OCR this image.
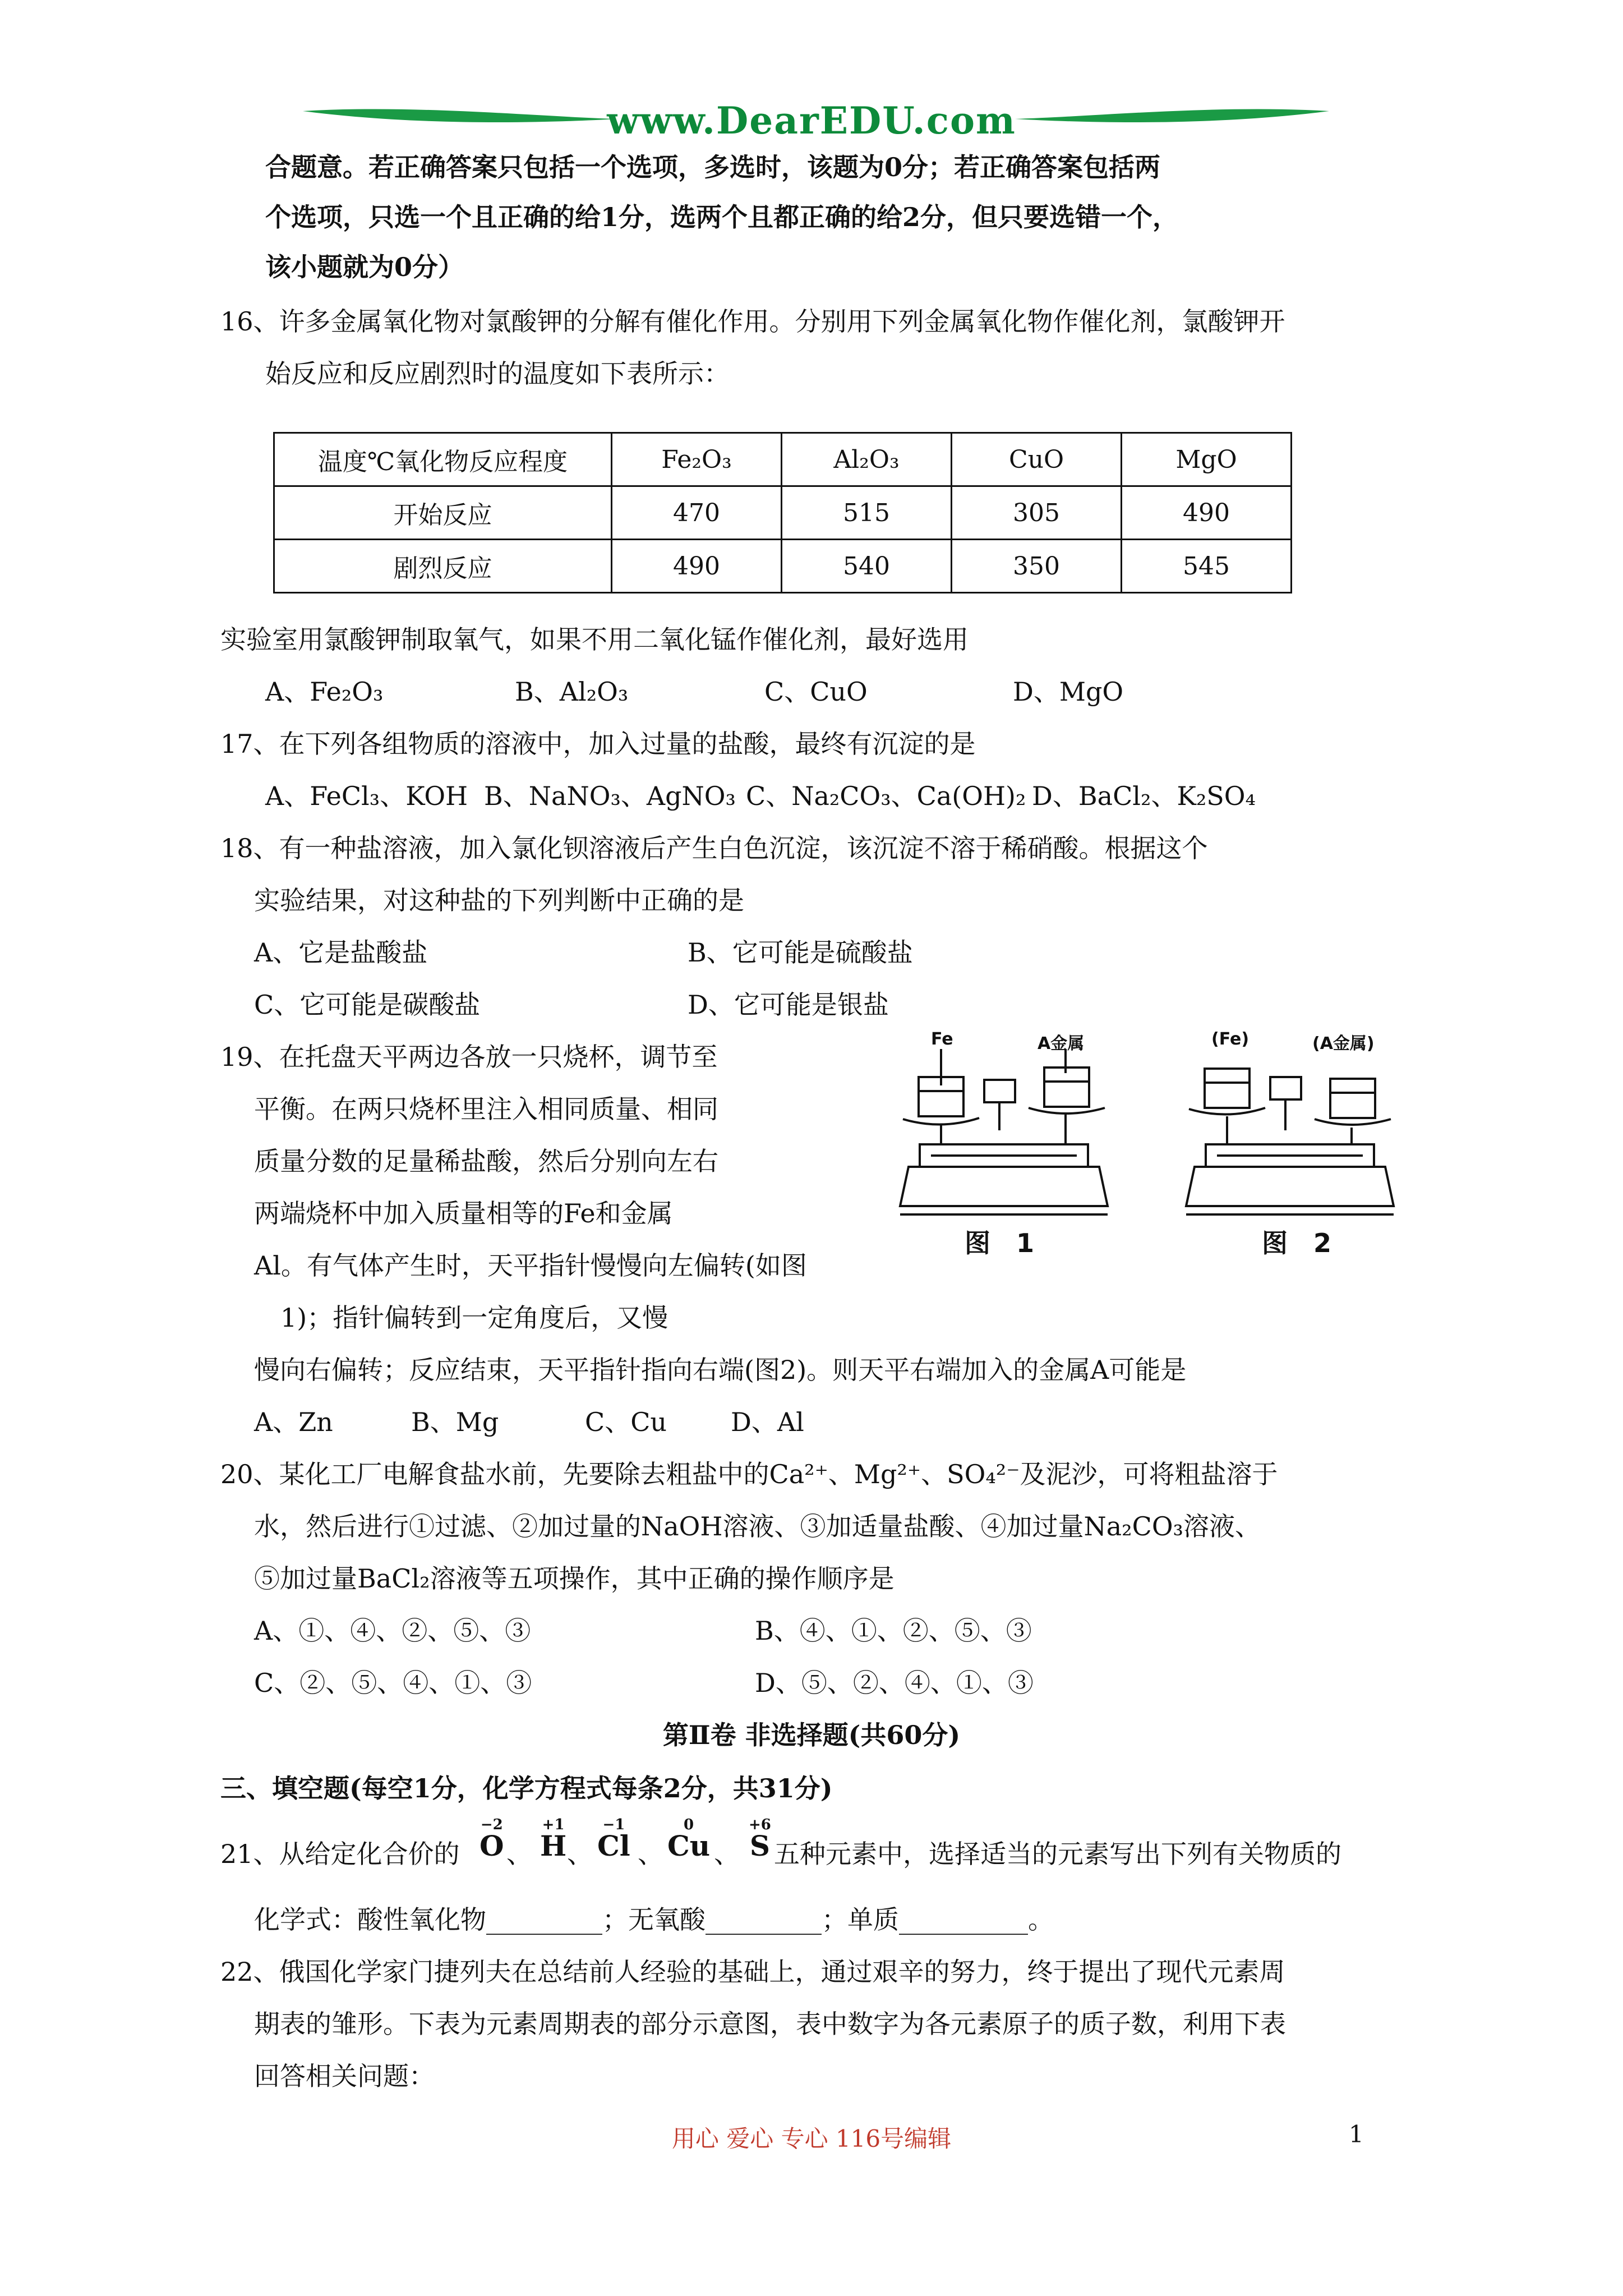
www.DearEDU.com
合题意。若正确答案只包括一个选项，多选时，该题为0分；若正确答案包括两
个选项，只选一个且正确的给1分，选两个且都正确的给2分，但只要选错一个，
该小题就为0分）
16、许多金属氧化物对氯酸钾的分解有催化作用。分别用下列金属氧化物作催化剂，氯酸钾开
始反应和反应剧烈时的温度如下表所示：
温度℃氧化物反应程度	Fe₂O₃	Al₂O₃	CuO	MgO
开始反应	470	515	305	490
剧烈反应	490	540	350	545
实验室用氯酸钾制取氧气，如果不用二氧化锰作催化剂，最好选用
A、Fe₂O₃	B、Al₂O₃	C、CuO	D、MgO
17、在下列各组物质的溶液中，加入过量的盐酸，最终有沉淀的是
A、FeCl₃、KOH B、NaNO₃、AgNO₃ C、Na₂CO₃、Ca(OH)₂ D、BaCl₂、K₂SO₄
18、有一种盐溶液，加入氯化钡溶液后产生白色沉淀，该沉淀不溶于稀硝酸。根据这个
实验结果，对这种盐的下列判断中正确的是
A、它是盐酸盐	B、它可能是硫酸盐
C、它可能是碳酸盐	D、它可能是银盐
19、在托盘天平两边各放一只烧杯，调节至
平衡。在两只烧杯里注入相同质量、相同
质量分数的足量稀盐酸，然后分别向左右
两端烧杯中加入质量相等的Fe和金属
Al。有气体产生时，天平指针慢慢向左偏转(如图
1)；指针偏转到一定角度后，又慢
慢向右偏转；反应结束，天平指针指向右端(图2)。则天平右端加入的金属A可能是
A、Zn	B、Mg	C、Cu D、Al
Fe	A金属
图　1
(Fe)	(A金属)
图　2
20、某化工厂电解食盐水前，先要除去粗盐中的Ca²⁺、Mg²⁺、SO₄²⁻及泥沙，可将粗盐溶于
水，然后进行①过滤、②加过量的NaOH溶液、③加适量盐酸、④加过量Na₂CO₃溶液、
⑤加过量BaCl₂溶液等五项操作，其中正确的操作顺序是
A、①、④、②、⑤、③	B、④、①、②、⑤、③
C、②、⑤、④、①、③	D、⑤、②、④、①、③
第Ⅱ卷 非选择题(共60分)
三、填空题(每空1分，化学方程式每条2分，共31分)
21、从给定化合价的
−2
O 、
+1
H 、
−1
Cl 、
0
Cu 、
+6
S 五种元素中，选择适当的元素写出下列有关物质的
化学式：酸性氧化物_________；无氧酸_________；单质__________。
22、俄国化学家门捷列夫在总结前人经验的基础上，通过艰辛的努力，终于提出了现代元素周
期表的雏形。下表为元素周期表的部分示意图，表中数字为各元素原子的质子数，利用下表
回答相关问题：
用心 爱心 专心 116号编辑	1
